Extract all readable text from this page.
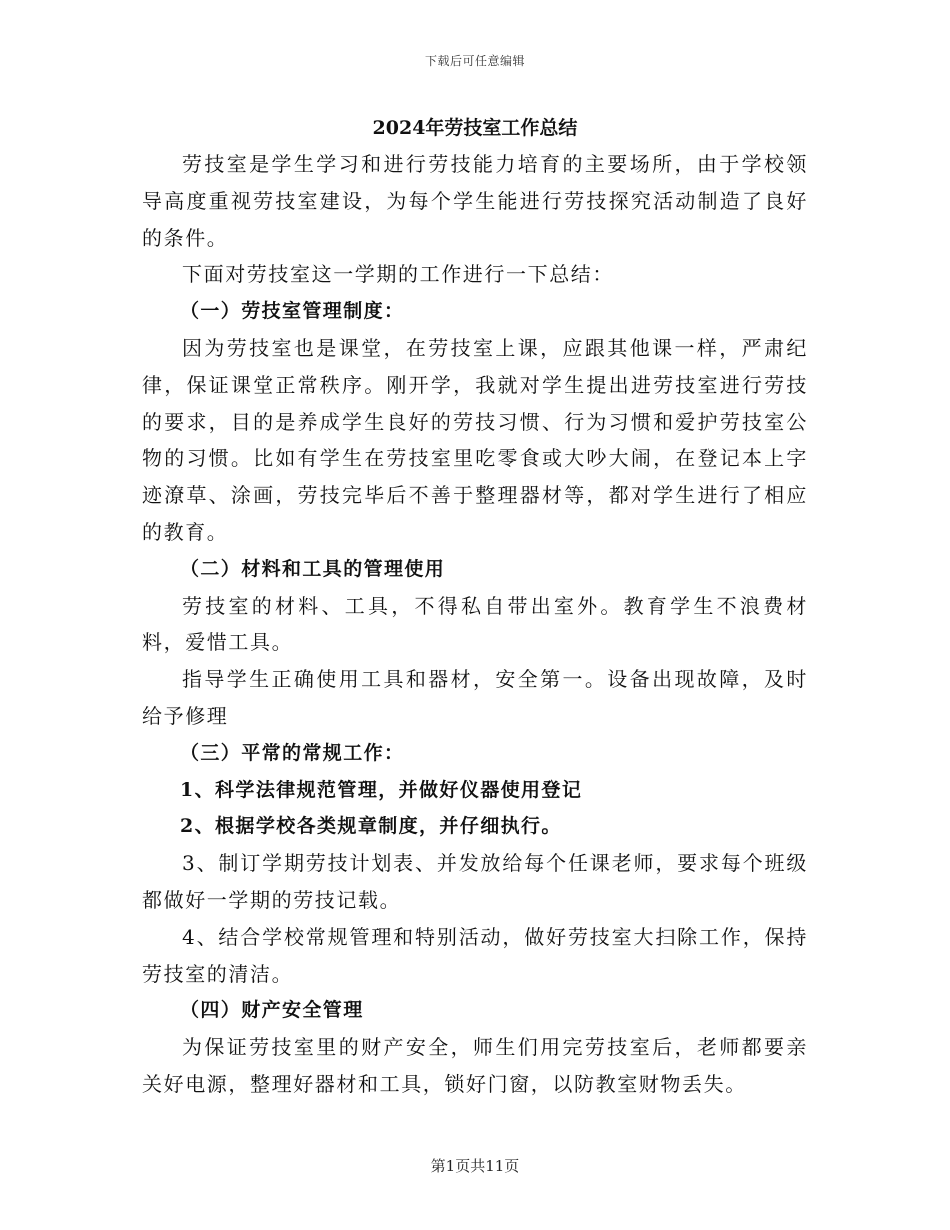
下载后可任意编辑
2024年劳技室工作总结

劳技室是学生学习和进行劳技能力培育的主要场所，由于学校领导高度重视劳技室建设，为每个学生能进行劳技探究活动制造了良好的条件。

下面对劳技室这一学期的工作进行一下总结：

（一）劳技室管理制度：

因为劳技室也是课堂，在劳技室上课，应跟其他课一样，严肃纪律，保证课堂正常秩序。刚开学，我就对学生提出进劳技室进行劳技的要求，目的是养成学生良好的劳技习惯、行为习惯和爱护劳技室公物的习惯。比如有学生在劳技室里吃零食或大吵大闹，在登记本上字迹潦草、涂画，劳技完毕后不善于整理器材等，都对学生进行了相应的教育。

（二）材料和工具的管理使用

劳技室的材料、工具，不得私自带出室外。教育学生不浪费材料，爱惜工具。

指导学生正确使用工具和器材，安全第一。设备出现故障，及时给予修理

（三）平常的常规工作：

1、科学法律规范管理，并做好仪器使用登记

2、根据学校各类规章制度，并仔细执行。

3、制订学期劳技计划表、并发放给每个任课老师，要求每个班级都做好一学期的劳技记载。

4、结合学校常规管理和特别活动，做好劳技室大扫除工作，保持劳技室的清洁。

（四）财产安全管理

为保证劳技室里的财产安全，师生们用完劳技室后，老师都要亲关好电源，整理好器材和工具，锁好门窗，以防教室财物丢失。

第1页共11页
